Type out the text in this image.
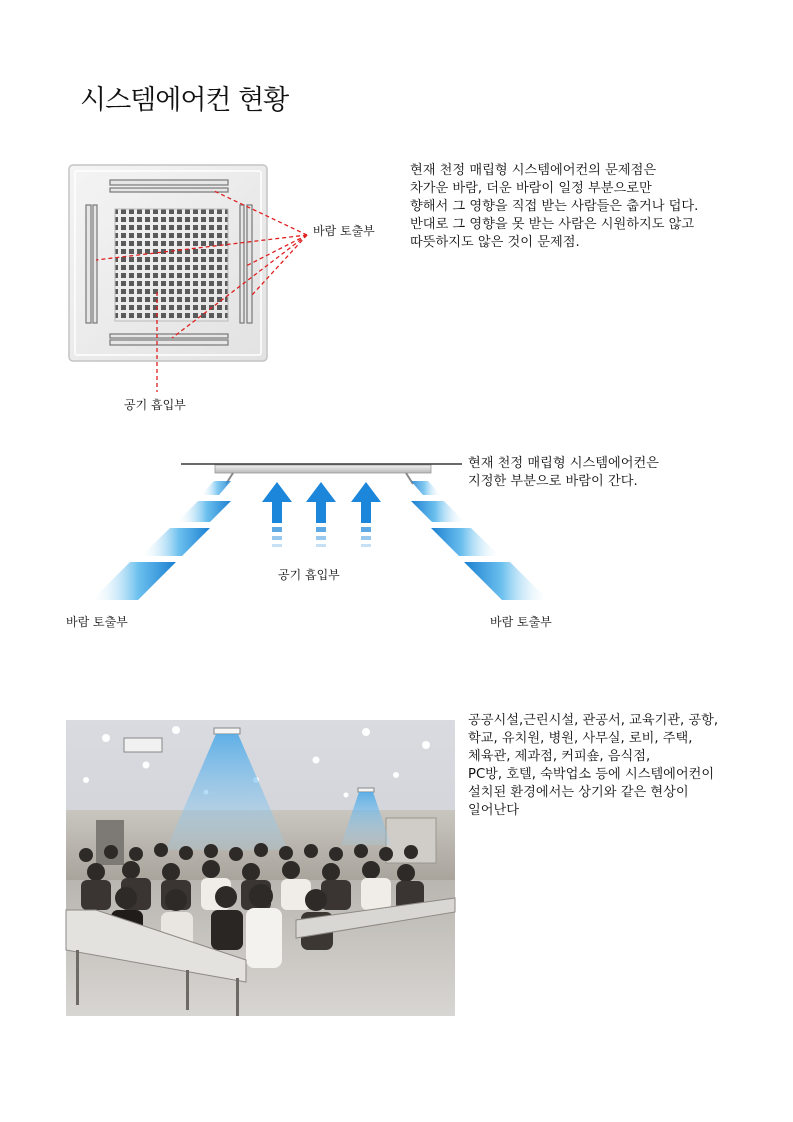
시스템에어컨 현황
바람 토출부
공기 흡입부
현재 천정 매립형 시스템에어컨의 문제점은
차가운 바람, 더운 바람이 일정 부분으로만
향해서 그 영향을 직접 받는 사람들은 춥거나 덥다.
반대로 그 영향을 못 받는 사람은 시원하지도 않고
따뜻하지도 않은 것이 문제점.
현재 천정 매립형 시스템에어컨은
지정한 부분으로 바람이 간다.
공기 흡입부
바람 토출부	바람 토출부
공공시설,근린시설, 관공서, 교육기관, 공항,
학교, 유치원, 병원, 사무실, 로비, 주택,
체육관, 제과점, 커피숖, 음식점,
PC방, 호텔, 숙박업소 등에 시스템에어컨이
설치된 환경에서는 상기와 같은 현상이
일어난다
